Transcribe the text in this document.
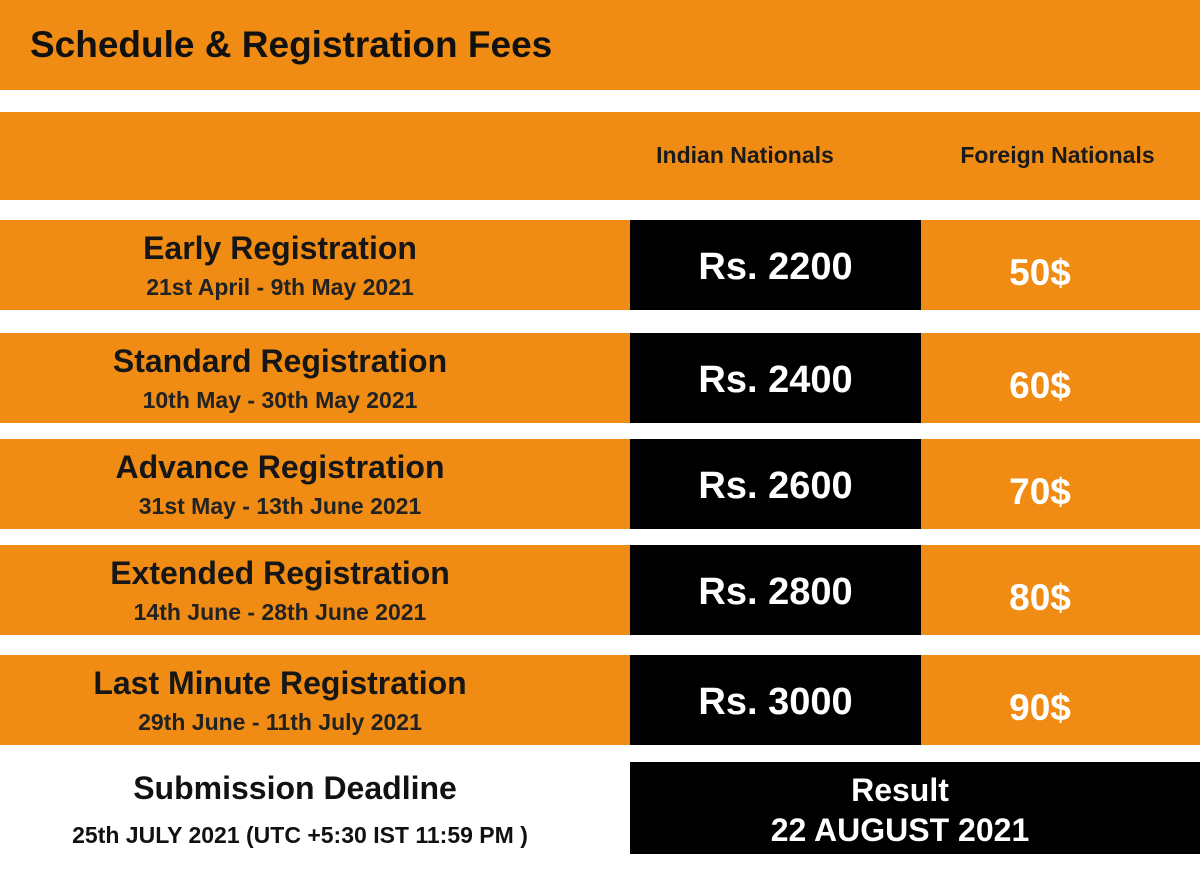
Schedule & Registration Fees
Indian Nationals	Foreign Nationals
Early Registration
21st April - 9th May 2021	Rs. 2200	50$
Standard Registration
10th May - 30th May 2021	Rs. 2400	60$
Advance Registration
31st May - 13th June 2021	Rs. 2600	70$
Extended Registration
14th June - 28th June 2021	Rs. 2800	80$
Last Minute Registration
29th June - 11th July 2021	Rs. 3000	90$
Submission Deadline
25th JULY 2021 (UTC +5:30 IST 11:59 PM )
Result
22 AUGUST 2021
